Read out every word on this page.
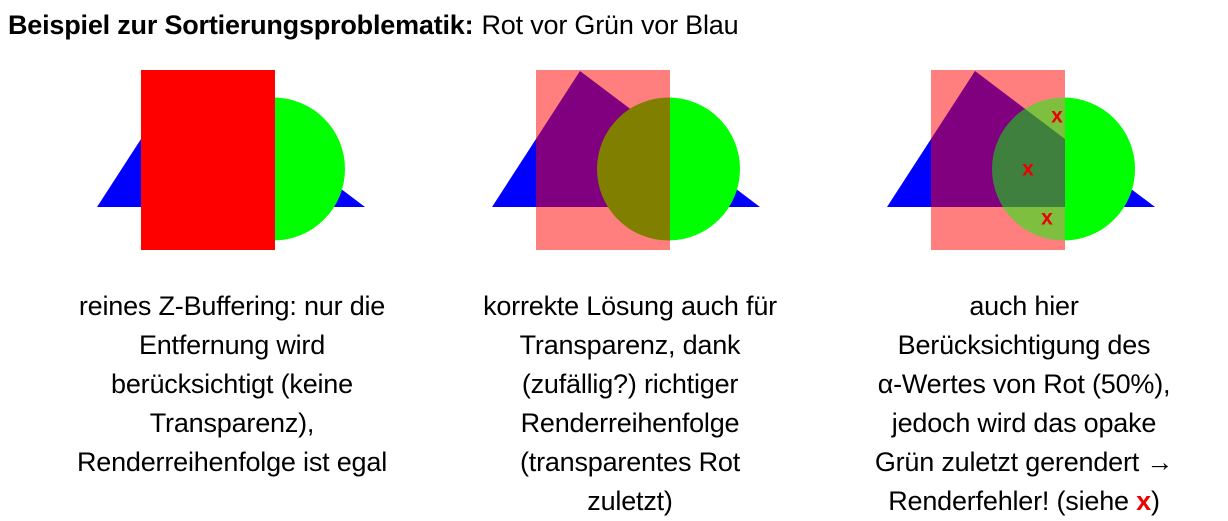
Beispiel zur Sortierungsproblematik: Rot vor Grün vor Blau
x
x
x
reines Z-Buffering: nur die
Entfernung wird
berücksichtigt (keine
Transparenz),
Renderreihenfolge ist egal
korrekte Lösung auch für
Transparenz, dank
(zufällig?) richtiger
Renderreihenfolge
(transparentes Rot
zuletzt)
auch hier
Berücksichtigung des
α-Wertes von Rot (50%),
jedoch wird das opake
Grün zuletzt gerendert →
Renderfehler! (siehe x)
